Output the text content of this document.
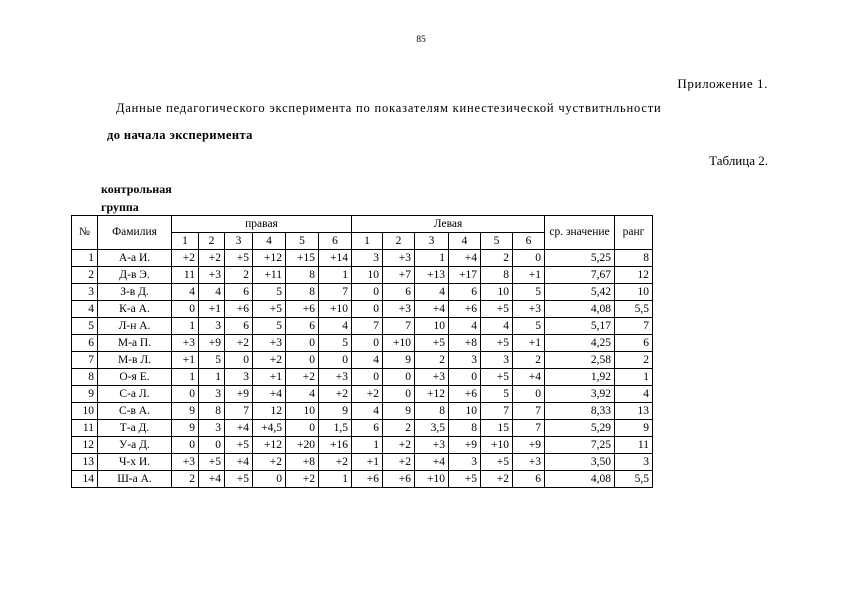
85
Приложение 1.
Данные педагогического эксперимента по показателям кинестезической чуствитнльности
до начала эксперимента
Таблица 2.
контрольная группа
№	Фамилия	правая						Левая						ср. значение	ранг
		1	2	3	4	5	6	1	2	3	4	5	6		
1	А-а И.	+2	+2	+5	+12	+15	+14	3	+3	1	+4	2	0	5,25	8
2	Д-в Э.	11	+3	2	+11	8	1	10	+7	+13	+17	8	+1	7,67	12
3	З-в Д.	4	4	6	5	8	7	0	6	4	6	10	5	5,42	10
4	К-а А.	0	+1	+6	+5	+6	+10	0	+3	+4	+6	+5	+3	4,08	5,5
5	Л-н А.	1	3	6	5	6	4	7	7	10	4	4	5	5,17	7
6	М-а П.	+3	+9	+2	+3	0	5	0	+10	+5	+8	+5	+1	4,25	6
7	М-в Л.	+1	5	0	+2	0	0	4	9	2	3	3	2	2,58	2
8	О-я Е.	1	1	3	+1	+2	+3	0	0	+3	0	+5	+4	1,92	1
9	С-а Л.	0	3	+9	+4	4	+2	+2	0	+12	+6	5	0	3,92	4
10	С-в А.	9	8	7	12	10	9	4	9	8	10	7	7	8,33	13
11	Т-а Д.	9	3	+4	+4,5	0	1,5	6	2	3,5	8	15	7	5,29	9
12	У-а Д.	0	0	+5	+12	+20	+16	1	+2	+3	+9	+10	+9	7,25	11
13	Ч-х И.	+3	+5	+4	+2	+8	+2	+1	+2	+4	3	+5	+3	3,50	3
14	Ш-а А.	2	+4	+5	0	+2	1	+6	+6	+10	+5	+2	6	4,08	5,5
